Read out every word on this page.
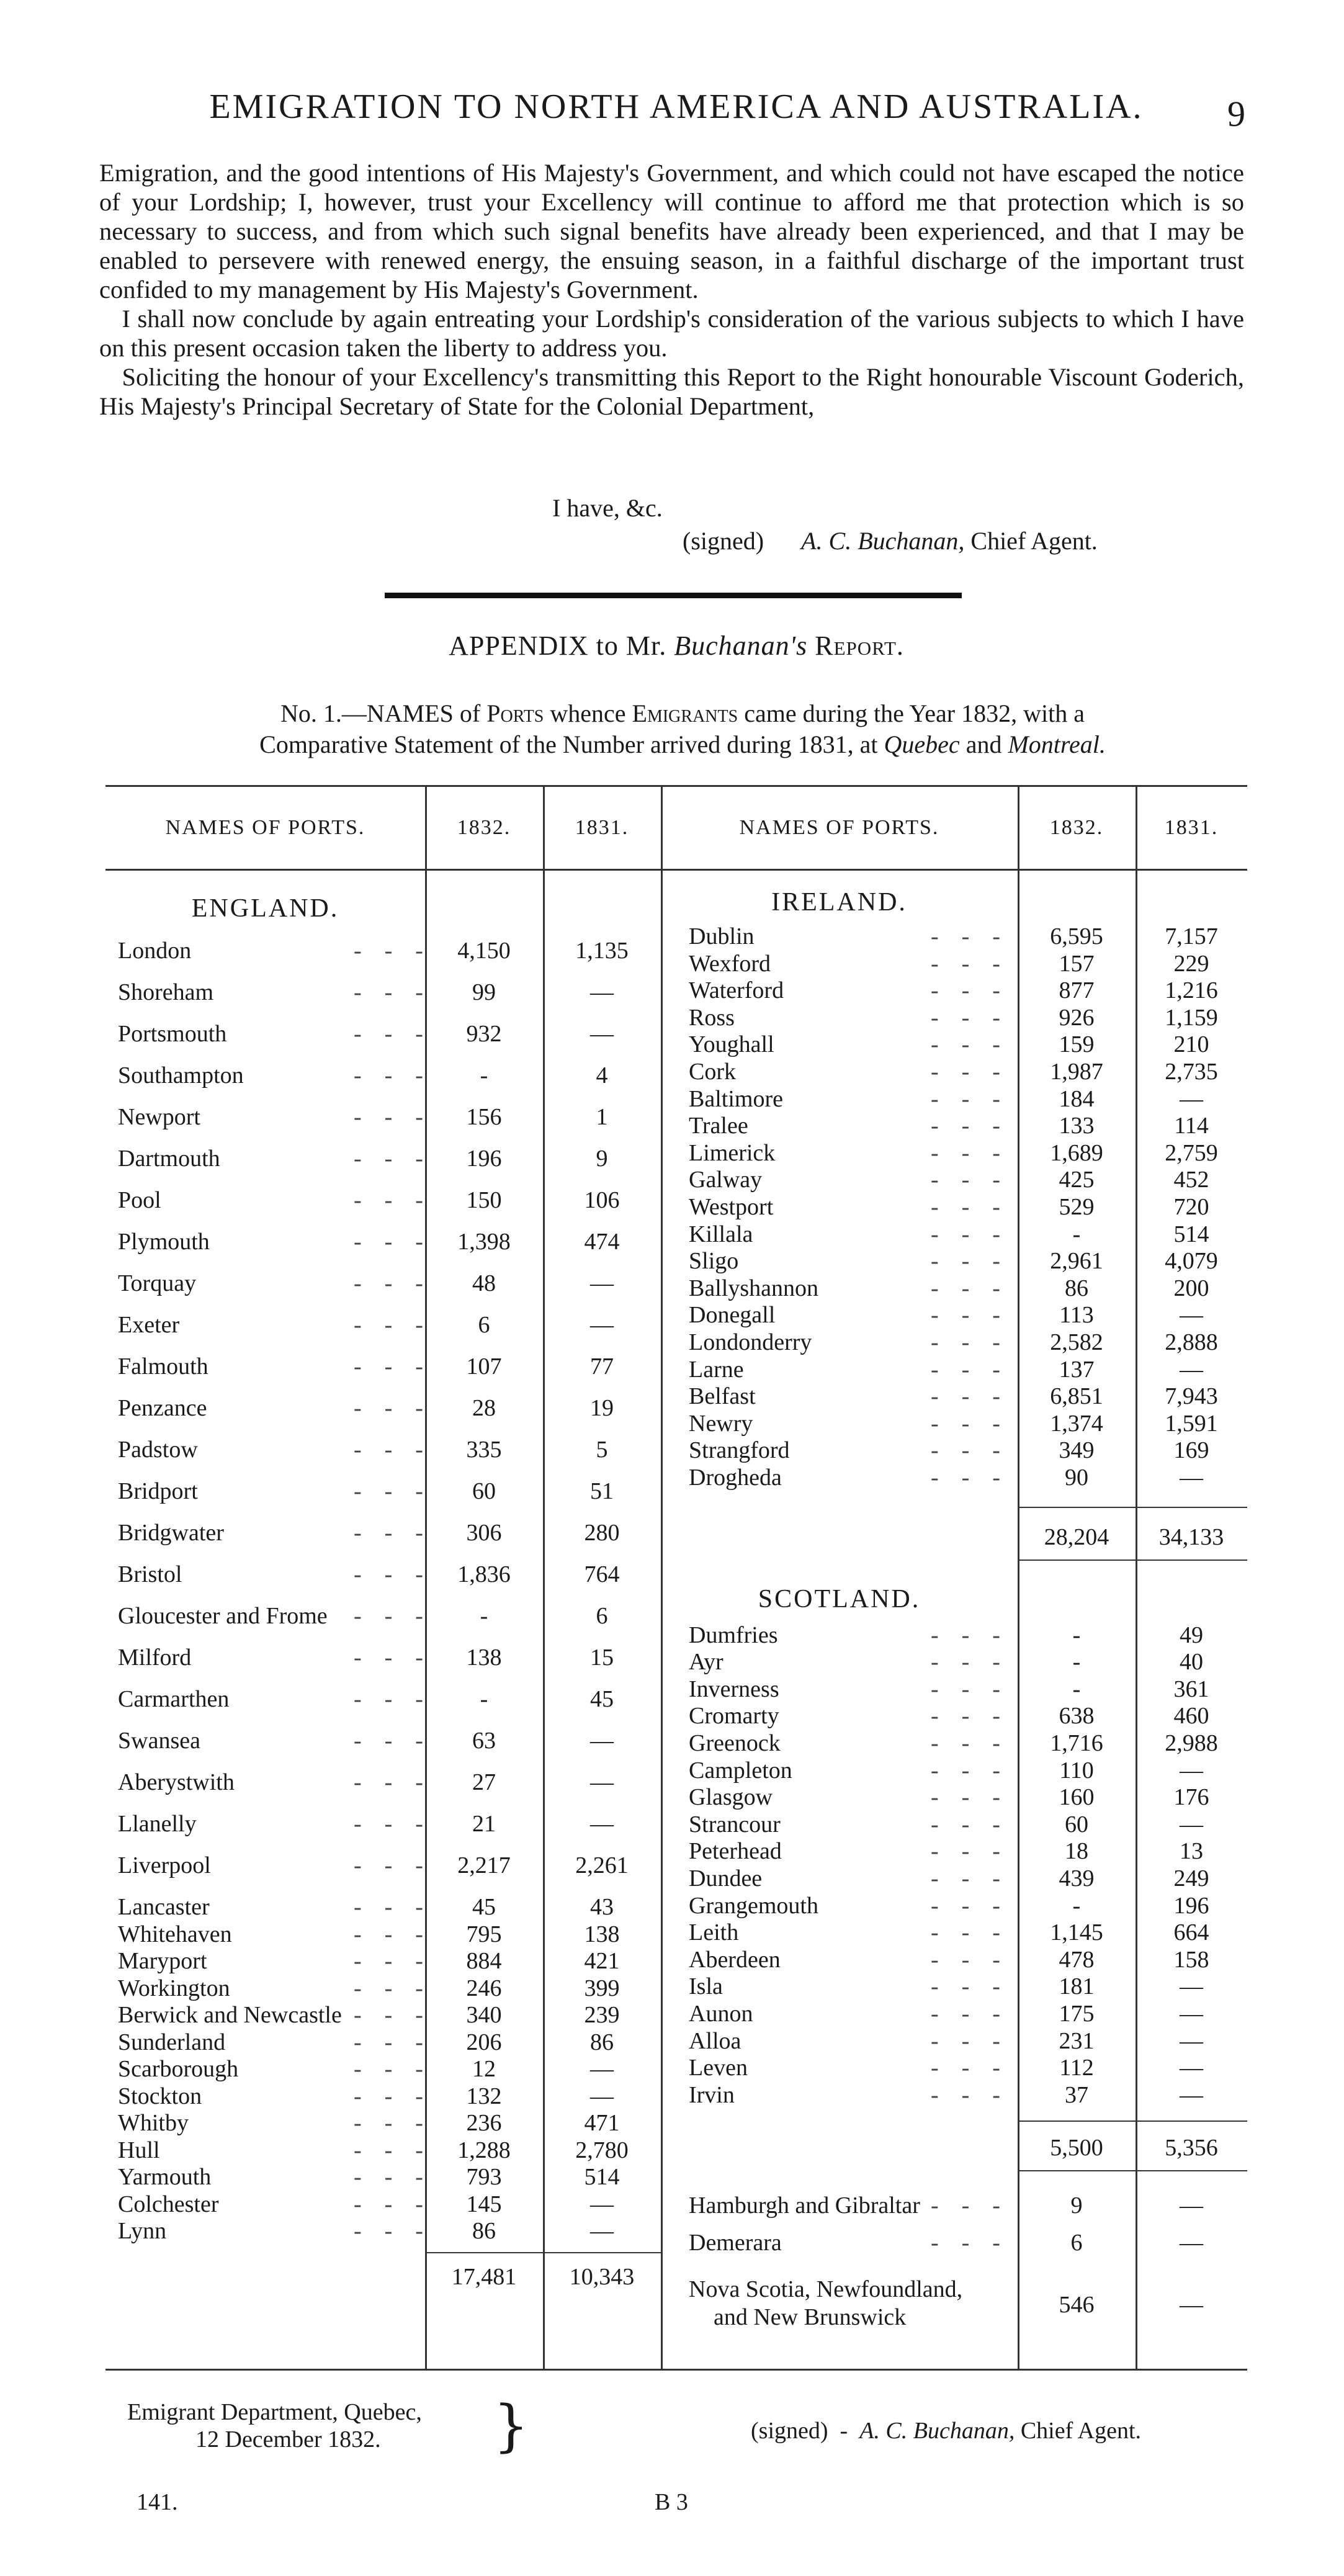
EMIGRATION TO NORTH AMERICA AND AUSTRALIA.	9

Emigration, and the good intentions of His Majesty's Government, and which could not have escaped the notice of your Lordship; I, however, trust your Excellency will continue to afford me that protection which is so necessary to success, and from which such signal benefits have already been experienced, and that I may be enabled to persevere with renewed energy, the ensuing season, in a faithful discharge of the important trust confided to my management by His Majesty's Government.

I shall now conclude by again entreating your Lordship's consideration of the various subjects to which I have on this present occasion taken the liberty to address you.

Soliciting the honour of your Excellency's transmitting this Report to the Right honourable Viscount Goderich, His Majesty's Principal Secretary of State for the Colonial Department,

I have, &c.
(signed) A. C. Buchanan, Chief Agent.
APPENDIX to Mr. Buchanan's Report.
No. 1.—NAMES of Ports whence Emigrants came during the Year 1832, with a
Comparative Statement of the Number arrived during 1831, at Quebec and Montreal.
NAMES OF PORTS.	1832.	1831.	NAMES OF PORTS.	1832.	1831.
ENGLAND.	IRELAND.
London	-  -  -	4,150	1,135
Shoreham	-  -  -	99	—
Portsmouth	-  -  -	932	—
Southampton	-  -  -	-	4
Newport	-  -  -	156	1
Dartmouth	-  -  -	196	9
Pool	-  -  -	150	106
Plymouth	-  -  -	1,398	474
Torquay	-  -  -	48	—
Exeter	-  -  -	6	—
Falmouth	-  -  -	107	77
Penzance	-  -  -	28	19
Padstow	-  -  -	335	5
Bridport	-  -  -	60	51
Bridgwater	-  -  -	306	280
Bristol	-  -  -	1,836	764
Gloucester and Frome -  -  -	-	6
Milford	-  -  -	138	15
Carmarthen	-  -  -	-	45
Swansea	-  -  -	63	—
Aberystwith	-  -  -	27	—
Llanelly	-  -  -	21	—
Liverpool	-  -  -	2,217	2,261
Lancaster	-  -  -	45	43
Whitehaven	-  -  -	795	138
Maryport	-  -  -	884	421
Workington	-  -  -	246	399
Berwick and Newcastle -  -  -	340	239
Sunderland	-  -  -	206	86
Scarborough	-  -  -	12	—
Stockton	-  -  -	132	—
Whitby	-  -  -	236	471
Hull	-  -  -	1,288	2,780
Yarmouth	-  -  -	793	514
Colchester	-  -  -	145	—
Lynn	-  -  -	86	—
17,481	10,343
Dublin	-  -  -	6,595	7,157
Wexford	-  -  -	157	229
Waterford	-  -  -	877	1,216
Ross	-  -  -	926	1,159
Youghall	-  -  -	159	210
Cork	-  -  -	1,987	2,735
Baltimore	-  -  -	184	—
Tralee	-  -  -	133	114
Limerick	-  -  -	1,689	2,759
Galway	-  -  -	425	452
Westport	-  -  -	529	720
Killala	-  -  -	-	514
Sligo	-  -  -	2,961	4,079
Ballyshannon	-  -  -	86	200
Donegall	-  -  -	113	—
Londonderry	-  -  -	2,582	2,888
Larne	-  -  -	137	—
Belfast	-  -  -	6,851	7,943
Newry	-  -  -	1,374	1,591
Strangford	-  -  -	349	169
Drogheda	-  -  -	90	—
28,204	34,133
SCOTLAND.
Dumfries	-  -  -	-	49
Ayr	-  -  -	-	40
Inverness	-  -  -	-	361
Cromarty	-  -  -	638	460
Greenock	-  -  -	1,716	2,988
Campleton	-  -  -	110	—
Glasgow	-  -  -	160	176
Strancour	-  -  -	60	—
Peterhead	-  -  -	18	13
Dundee	-  -  -	439	249
Grangemouth	-  -  -	-	196
Leith	-  -  -	1,145	664
Aberdeen	-  -  -	478	158
Isla	-  -  -	181	—
Aunon	-  -  -	175	—
Alloa	-  -  -	231	—
Leven	-  -  -	112	—
Irvin	-  -  -	37	—
5,500	5,356
Hamburgh and Gibraltar -  -  -	9	—
Demerara	-  -  -	6	—
Nova Scotia, Newfoundland,
and New Brunswick	546	—
Emigrant Department, Quebec,
12 December 1832.	}	(signed)  -  A. C. Buchanan, Chief Agent.
141.	B 3
